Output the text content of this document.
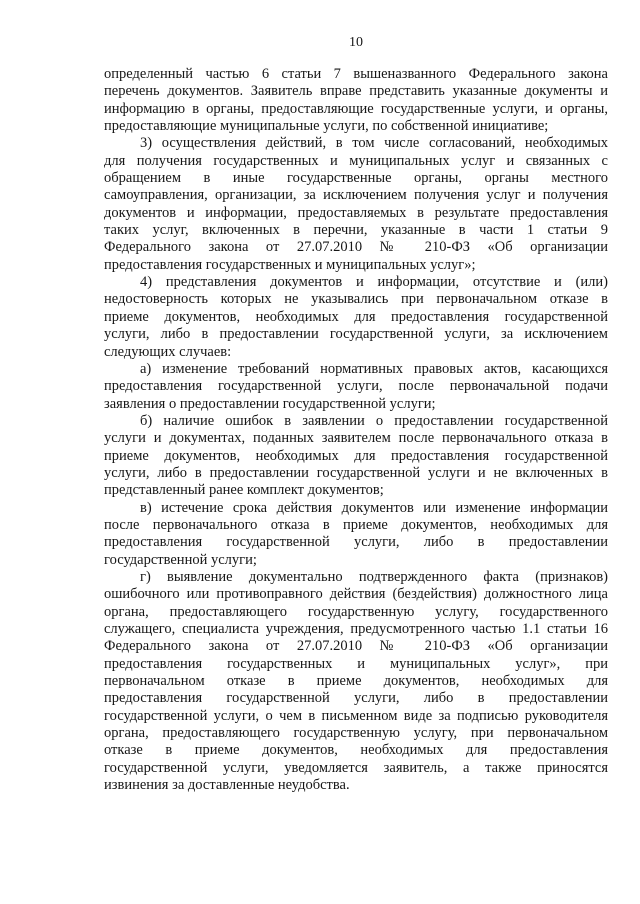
10
определенный частью 6 статьи 7 вышеназванного Федерального закона
перечень документов. Заявитель вправе представить указанные документы и
информацию в органы, предоставляющие государственные услуги, и органы,
предоставляющие муниципальные услуги, по собственной инициативе;
3) осуществления действий, в том числе согласований, необходимых
для получения государственных и муниципальных услуг и связанных с
обращением в иные государственные органы, органы местного
самоуправления, организации, за исключением получения услуг и получения
документов и информации, предоставляемых в результате предоставления
таких услуг, включенных в перечни, указанные в части 1 статьи 9
Федерального закона от 27.07.2010 № 210-ФЗ «Об организации
предоставления государственных и муниципальных услуг»;
4) представления документов и информации, отсутствие и (или)
недостоверность которых не указывались при первоначальном отказе в
приеме документов, необходимых для предоставления государственной
услуги, либо в предоставлении государственной услуги, за исключением
следующих случаев:
а) изменение требований нормативных правовых актов, касающихся
предоставления государственной услуги, после первоначальной подачи
заявления о предоставлении государственной услуги;
б) наличие ошибок в заявлении о предоставлении государственной
услуги и документах, поданных заявителем после первоначального отказа в
приеме документов, необходимых для предоставления государственной
услуги, либо в предоставлении государственной услуги и не включенных в
представленный ранее комплект документов;
в) истечение срока действия документов или изменение информации
после первоначального отказа в приеме документов, необходимых для
предоставления государственной услуги, либо в предоставлении
государственной услуги;
г) выявление документально подтвержденного факта (признаков)
ошибочного или противоправного действия (бездействия) должностного лица
органа, предоставляющего государственную услугу, государственного
служащего, специалиста учреждения, предусмотренного частью 1.1 статьи 16
Федерального закона от 27.07.2010 № 210-ФЗ «Об организации
предоставления государственных и муниципальных услуг», при
первоначальном отказе в приеме документов, необходимых для
предоставления государственной услуги, либо в предоставлении
государственной услуги, о чем в письменном виде за подписью руководителя
органа, предоставляющего государственную услугу, при первоначальном
отказе в приеме документов, необходимых для предоставления
государственной услуги, уведомляется заявитель, а также приносятся
извинения за доставленные неудобства.
